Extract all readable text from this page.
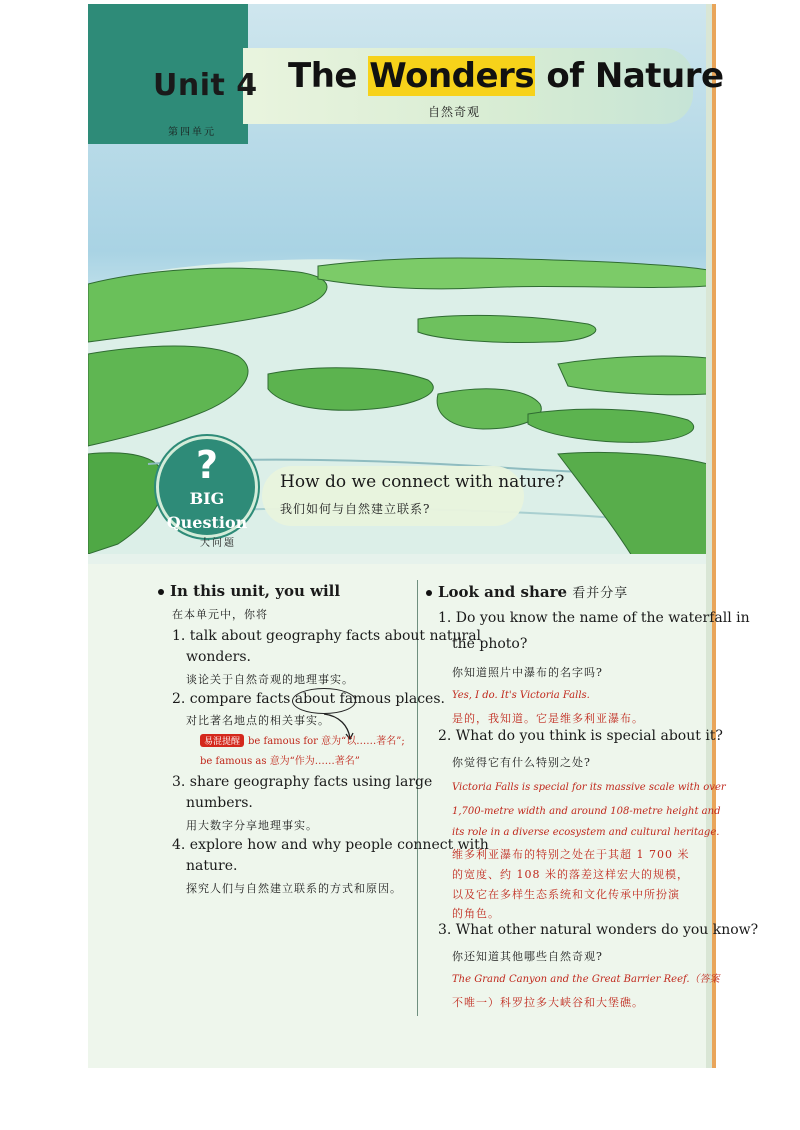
Unit 4
第四单元
The Wonders of Nature
自然奇观
?
BIG
Question
大问题
How do we connect with nature?
我们如何与自然建立联系?
In this unit, you will
在本单元中，你将
1. talk about geography facts about natural
wonders.
谈论关于自然奇观的地理事实。
2. compare facts about famous places.
对比著名地点的相关事实。
易混提醒 be famous for 意为“以……著名”;
be famous as 意为“作为……著名”
3. share geography facts using large
numbers.
用大数字分享地理事实。
4. explore how and why people connect with
nature.
探究人们与自然建立联系的方式和原因。
Look and share 看并分享
1. Do you know the name of the waterfall in
the photo?
你知道照片中瀑布的名字吗?
Yes, I do. It's Victoria Falls.
是的，我知道。它是维多利亚瀑布。
2. What do you think is special about it?
你觉得它有什么特别之处?
Victoria Falls is special for its massive scale with over
1,700-metre width and around 108-metre height and
its role in a diverse ecosystem and cultural heritage.
维多利亚瀑布的特别之处在于其超 1 700 米
的宽度、约 108 米的落差这样宏大的规模，
以及它在多样生态系统和文化传承中所扮演
的角色。
3. What other natural wonders do you know?
你还知道其他哪些自然奇观?
The Grand Canyon and the Great Barrier Reef.（答案
不唯一）科罗拉多大峡谷和大堡礁。
